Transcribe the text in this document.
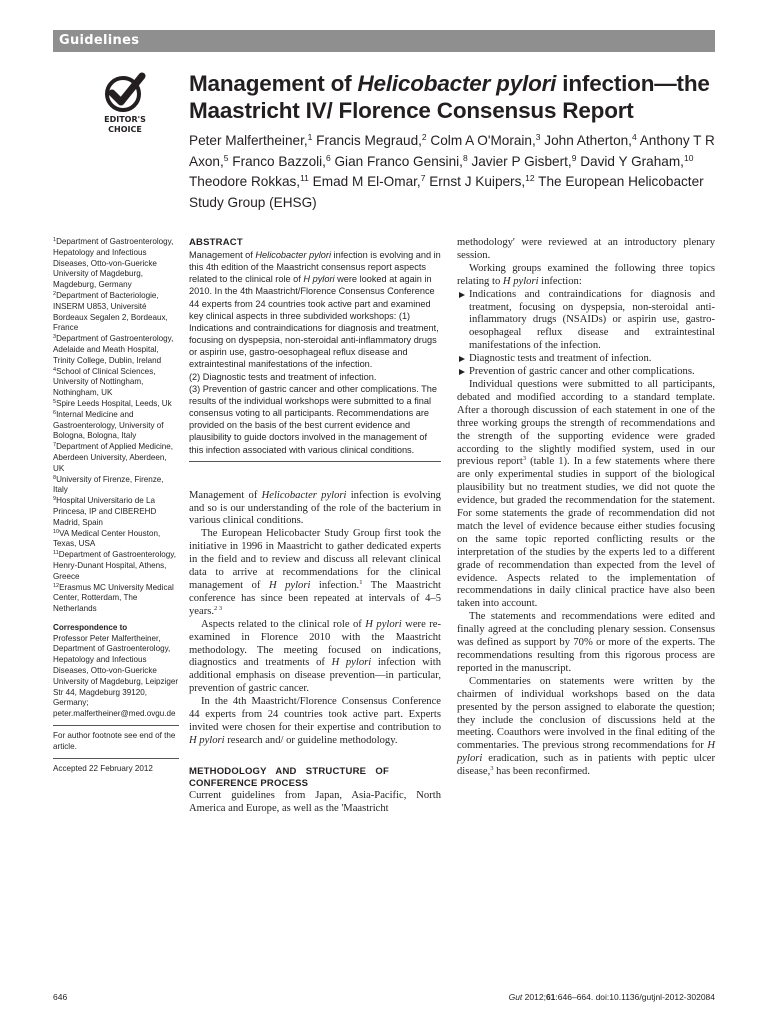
Guidelines
EDITOR'S
CHOICE
Management of Helicobacter pylori infection—the Maastricht IV/ Florence Consensus Report
Peter Malfertheiner,$^1$ Francis Megraud,$^2$ Colm A O'Morain,$^3$ John Atherton,$^4$ Anthony T R Axon,$^5$ Franco Bazzoli,$^6$ Gian Franco Gensini,$^8$ Javier P Gisbert,$^9$ David Y Graham,$^{10}$ Theodore Rokkas,$^{11}$ Emad M El-Omar,$^7$ Ernst J Kuipers,$^{12}$ The European Helicobacter Study Group (EHSG)
$^1$Department of Gastroenterology, Hepatology and Infectious Diseases, Otto-von-Guericke University of Magdeburg, Magdeburg, Germany
$^2$Department of Bacteriologie, INSERM U853, Université Bordeaux Segalen 2, Bordeaux, France
$^3$Department of Gastroenterology, Adelaide and Meath Hospital, Trinity College, Dublin, Ireland
$^4$School of Clinical Sciences, University of Nottingham, Nothingham, UK
$^5$Spire Leeds Hospital, Leeds, Uk
$^6$Internal Medicine and Gastroenterology, University of Bologna, Bologna, Italy
$^7$Department of Applied Medicine, Aberdeen University, Aberdeen, UK
$^8$University of Firenze, Firenze, Italy
$^9$Hospital Universitario de La Princesa, IP and CIBEREHD Madrid, Spain
$^{10}$VA Medical Center Houston, Texas, USA
$^{11}$Department of Gastroenterology, Henry-Dunant Hospital, Athens, Greece
$^{12}$Erasmus MC University Medical Center, Rotterdam, The Netherlands
Correspondence to
Professor Peter Malfertheiner, Department of Gastroenterology, Hepatology and Infectious Diseases, Otto-von-Guericke University of Magdeburg, Leipziger Str 44, Magdeburg 39120, Germany; peter.malfertheiner@med.ovgu.de
For author footnote see end of the article.
Accepted 22 February 2012
ABSTRACT

Management of Helicobacter pylori infection is evolving and in this 4th edition of the Maastricht consensus report aspects related to the clinical role of H pylori were looked at again in 2010. In the 4th Maastricht/Florence Consensus Conference 44 experts from 24 countries took active part and examined key clinical aspects in three subdivided workshops: (1) Indications and contraindications for diagnosis and treatment, focusing on dyspepsia, non-steroidal anti-inflammatory drugs or aspirin use, gastro-oesophageal reflux disease and extraintestinal manifestations of the infection.

(2) Diagnostic tests and treatment of infection.

(3) Prevention of gastric cancer and other complications. The results of the individual workshops were submitted to a final consensus voting to all participants. Recommendations are provided on the basis of the best current evidence and plausibility to guide doctors involved in the management of this infection associated with various clinical conditions.

Management of Helicobacter pylori infection is evolving and so is our understanding of the role of the bacterium in various clinical conditions.

The European Helicobacter Study Group first took the initiative in 1996 in Maastricht to gather dedicated experts in the field and to review and discuss all relevant clinical data to arrive at recommendations for the clinical management of H pylori infection.$^1$ The Maastricht conference has since been repeated at intervals of 4–5 years.$^{2 3}$

Aspects related to the clinical role of H pylori were re-examined in Florence 2010 with the Maastricht methodology. The meeting focused on indications, diagnostics and treatments of H pylori infection with additional emphasis on disease prevention—in particular, prevention of gastric cancer.

In the 4th Maastricht/Florence Consensus Conference 44 experts from 24 countries took active part. Experts invited were chosen for their expertise and contribution to H pylori research and/ or guideline methodology.

METHODOLOGY AND STRUCTURE OF CONFERENCE PROCESS

Current guidelines from Japan, Asia-Pacific, North America and Europe, as well as the 'Maastricht

methodology' were reviewed at an introductory plenary session.

Working groups examined the following three topics relating to H pylori infection:

Indications and contraindications for diagnosis and treatment, focusing on dyspepsia, non-steroidal anti-inflammatory drugs (NSAIDs) or aspirin use, gastro-oesophageal reflux disease and extraintestinal manifestations of the infection.

Diagnostic tests and treatment of infection.

Prevention of gastric cancer and other complications.

Individual questions were submitted to all participants, debated and modified according to a standard template. After a thorough discussion of each statement in one of the three working groups the strength of recommendations and the strength of the supporting evidence were graded according to the slightly modified system, used in our previous report$^3$ (table 1). In a few statements where there are only experimental studies in support of the biological plausibility but no treatment studies, we did not quote the evidence, but graded the recommendation for the statement. For some statements the grade of recommendation did not match the level of evidence because either studies focusing on the same topic reported conflicting results or the interpretation of the studies by the experts led to a different grade of recommendation than expected from the level of evidence. Aspects related to the implementation of recommendations in daily clinical practice have also been taken into account.

The statements and recommendations were edited and finally agreed at the concluding plenary session. Consensus was defined as support by 70% or more of the experts. The recommendations resulting from this rigorous process are reported in the manuscript.

Commentaries on statements were written by the chairmen of individual workshops based on the data presented by the person assigned to elaborate the question; they include the conclusion of discussions held at the meeting. Coauthors were involved in the final editing of the commentaries. The previous strong recommendations for H pylori eradication, such as in patients with peptic ulcer disease,$^3$ has been reconfirmed.

646	Gut 2012;61:646–664. doi:10.1136/gutjnl-2012-302084
